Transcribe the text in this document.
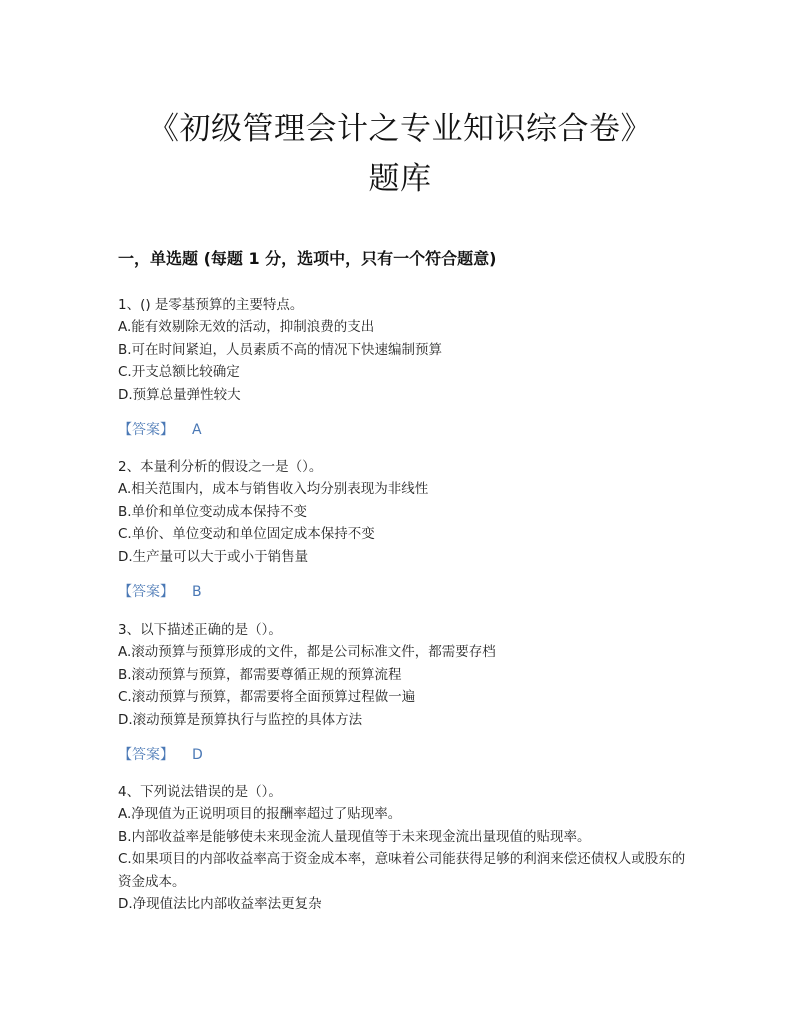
《初级管理会计之专业知识综合卷》
题库
一，单选题 (每题 1 分，选项中，只有一个符合题意)
1、() 是零基预算的主要特点。
A.能有效剔除无效的活动，抑制浪费的支出
B.可在时间紧迫，人员素质不高的情况下快速编制预算
C.开支总额比较确定
D.预算总量弹性较大
【答案】 A
2、本量利分析的假设之一是（）。
A.相关范围内，成本与销售收入均分别表现为非线性
B.单价和单位变动成本保持不变
C.单价、单位变动和单位固定成本保持不变
D.生产量可以大于或小于销售量
【答案】 B
3、以下描述正确的是（）。
A.滚动预算与预算形成的文件，都是公司标准文件，都需要存档
B.滚动预算与预算，都需要尊循正规的预算流程
C.滚动预算与预算，都需要将全面预算过程做一遍
D.滚动预算是预算执行与监控的具体方法
【答案】 D
4、下列说法错误的是（）。
A.净现值为正说明项目的报酬率超过了贴现率。
B.内部收益率是能够使未来现金流人量现值等于未来现金流出量现值的贴现率。
C.如果项目的内部收益率高于资金成本率，意味着公司能获得足够的利润来偿还债权人或股东的资金成本。
D.净现值法比内部收益率法更复杂
